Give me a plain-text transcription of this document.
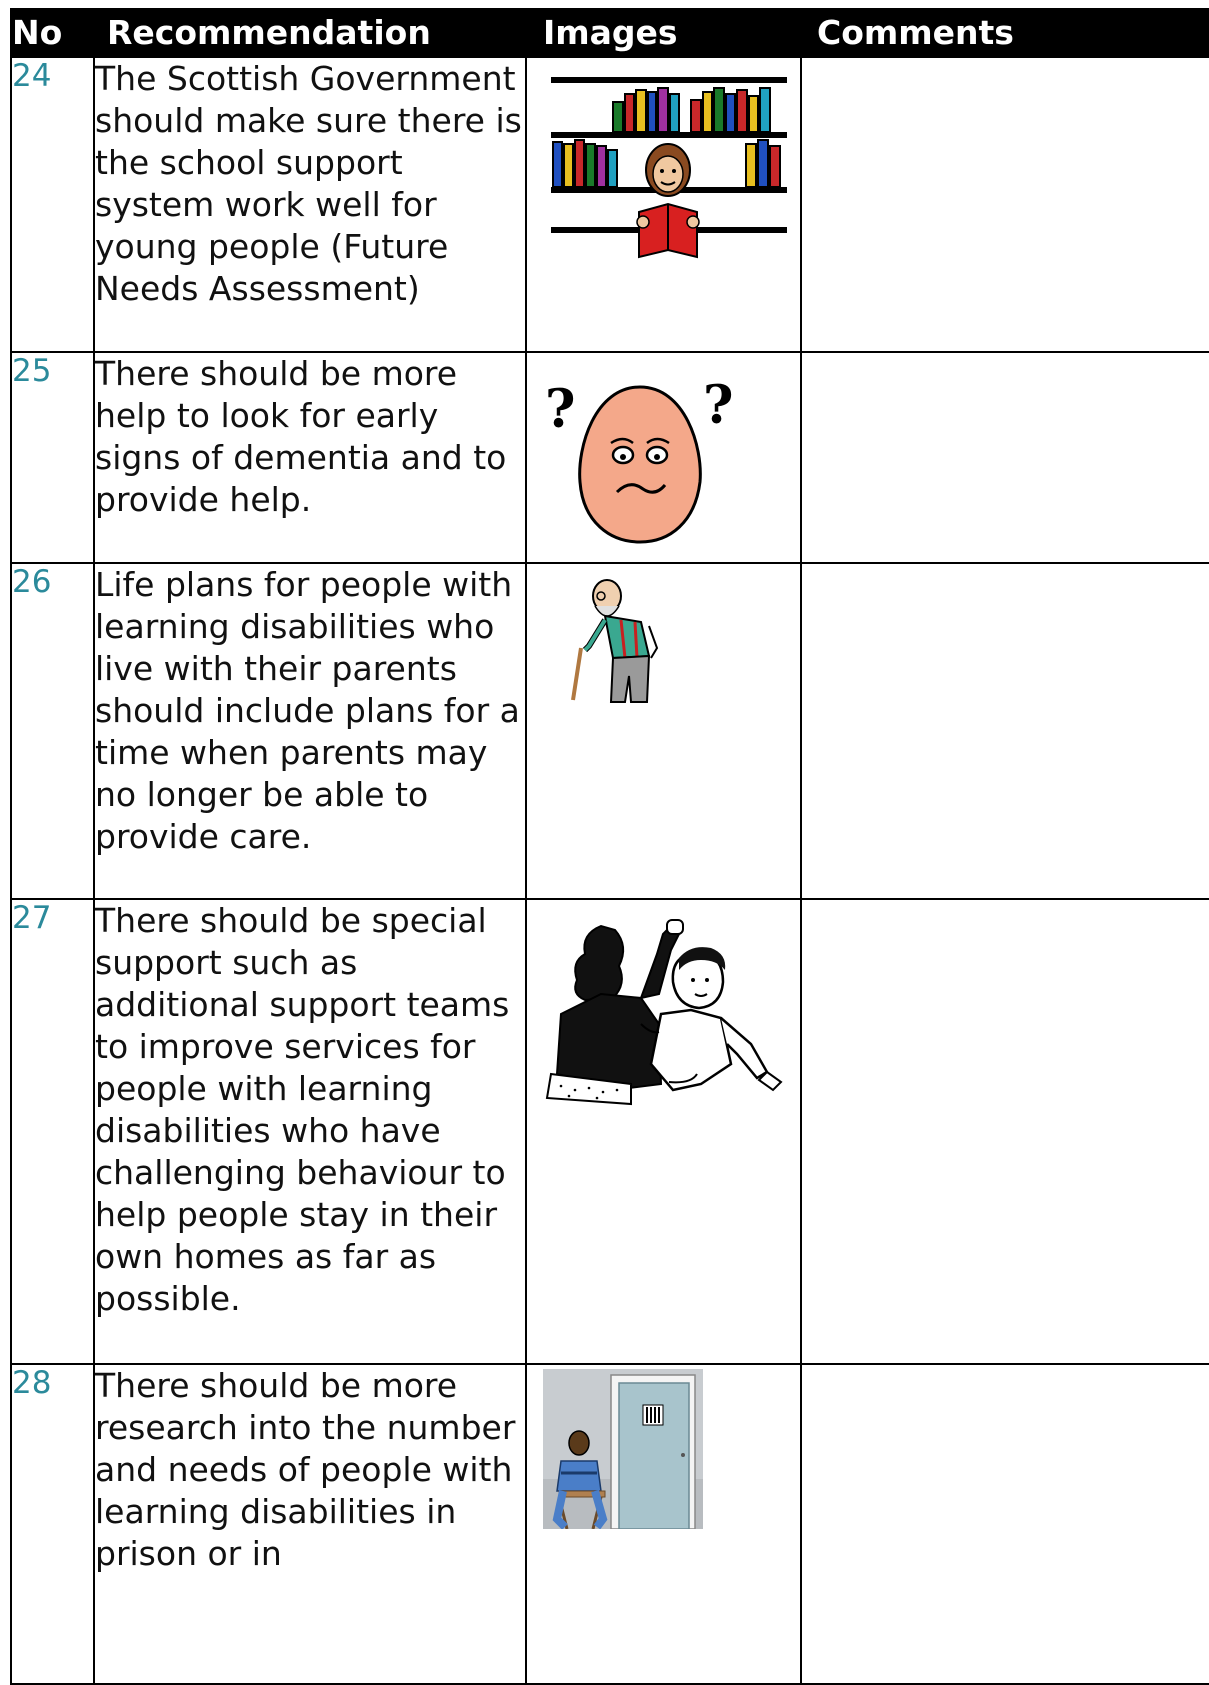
No	Recommendation	Images	Comments
24	The Scottish Government should make sure there is the school support system work well for young people (Future Needs Assessment)	

25	There should be more help to look for early signs of dementia and to provide help.	? ?	

26	Life plans for people with learning disabilities who live with their parents should include plans for a time when parents may no longer be able to provide care.	

27	There should be special support such as additional support teams to improve services for people with learning disabilities who have challenging behaviour to help people stay in their own homes as far as possible.	

28	There should be more research into the number and needs of people with learning disabilities in prison or in	
